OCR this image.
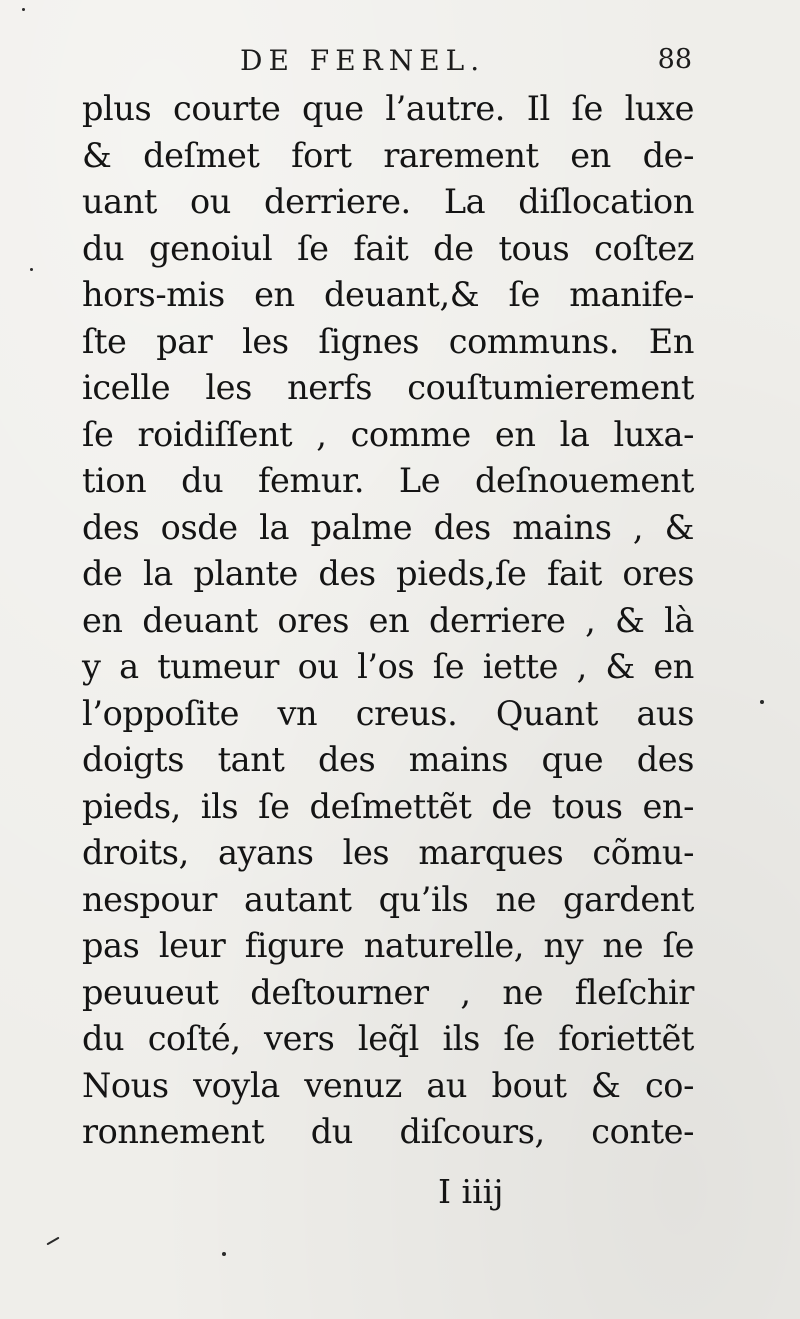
DE FERNEL.	88
plus courte que l’autre. Il ſe luxe
& deſmet fort rarement en de-
uant ou derriere. La diſlocation
du genoiul ſe fait de tous coſtez
hors-mis en deuant,& ſe manife-
ſte par les ſignes communs. En
icelle les nerfs couſtumierement
ſe roidiſſent , comme en la luxa-
tion du femur. Le deſnouement
des osde la palme des mains , &
de la plante des pieds,ſe fait ores
en deuant ores en derriere , & là
y a tumeur ou l’os ſe iette , & en
l’oppoſite vn creus. Quant aus
doigts tant des mains que des
pieds, ils ſe deſmettẽt de tous en-
droits, ayans les marques cõmu-
nespour autant qu’ils ne gardent
pas leur figure naturelle, ny ne ſe
peuueut deſtourner , ne fleſchir
du coſté, vers leq̃l ils ſe foriettẽt
Nous voyla venuz au bout & co-
ronnement du diſcours, conte-
I iiij
